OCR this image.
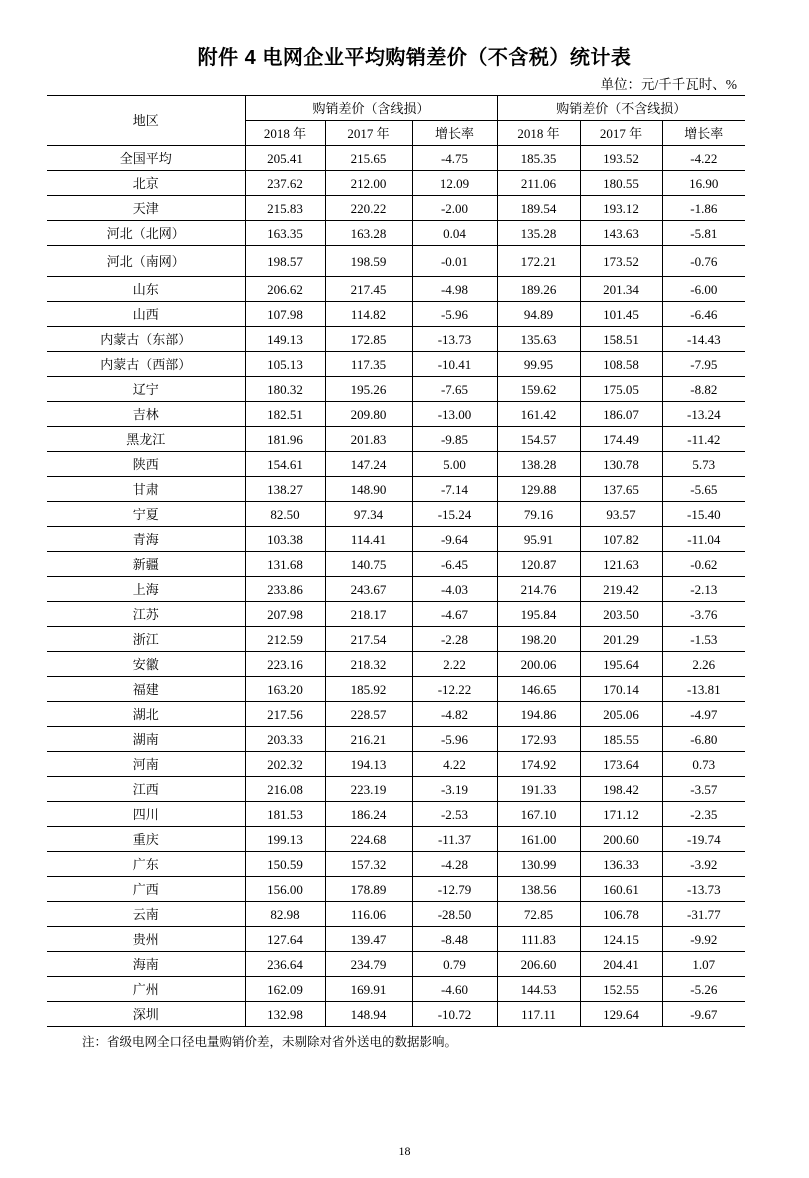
附件 4 电网企业平均购销差价（不含税）统计表
单位：元/千千瓦时、%
地区	购销差价（含线损）			购销差价（不含线损）		
	2018 年	2017 年	增长率	2018 年	2017 年	增长率
全国平均	205.41	215.65	-4.75	185.35	193.52	-4.22
北京	237.62	212.00	12.09	211.06	180.55	16.90
天津	215.83	220.22	-2.00	189.54	193.12	-1.86
河北（北网）	163.35	163.28	0.04	135.28	143.63	-5.81
河北（南网）	198.57	198.59	-0.01	172.21	173.52	-0.76
山东	206.62	217.45	-4.98	189.26	201.34	-6.00
山西	107.98	114.82	-5.96	94.89	101.45	-6.46
内蒙古（东部）	149.13	172.85	-13.73	135.63	158.51	-14.43
内蒙古（西部）	105.13	117.35	-10.41	99.95	108.58	-7.95
辽宁	180.32	195.26	-7.65	159.62	175.05	-8.82
吉林	182.51	209.80	-13.00	161.42	186.07	-13.24
黑龙江	181.96	201.83	-9.85	154.57	174.49	-11.42
陕西	154.61	147.24	5.00	138.28	130.78	5.73
甘肃	138.27	148.90	-7.14	129.88	137.65	-5.65
宁夏	82.50	97.34	-15.24	79.16	93.57	-15.40
青海	103.38	114.41	-9.64	95.91	107.82	-11.04
新疆	131.68	140.75	-6.45	120.87	121.63	-0.62
上海	233.86	243.67	-4.03	214.76	219.42	-2.13
江苏	207.98	218.17	-4.67	195.84	203.50	-3.76
浙江	212.59	217.54	-2.28	198.20	201.29	-1.53
安徽	223.16	218.32	2.22	200.06	195.64	2.26
福建	163.20	185.92	-12.22	146.65	170.14	-13.81
湖北	217.56	228.57	-4.82	194.86	205.06	-4.97
湖南	203.33	216.21	-5.96	172.93	185.55	-6.80
河南	202.32	194.13	4.22	174.92	173.64	0.73
江西	216.08	223.19	-3.19	191.33	198.42	-3.57
四川	181.53	186.24	-2.53	167.10	171.12	-2.35
重庆	199.13	224.68	-11.37	161.00	200.60	-19.74
广东	150.59	157.32	-4.28	130.99	136.33	-3.92
广西	156.00	178.89	-12.79	138.56	160.61	-13.73
云南	82.98	116.06	-28.50	72.85	106.78	-31.77
贵州	127.64	139.47	-8.48	111.83	124.15	-9.92
海南	236.64	234.79	0.79	206.60	204.41	1.07
广州	162.09	169.91	-4.60	144.53	152.55	-5.26
深圳	132.98	148.94	-10.72	117.11	129.64	-9.67
注：省级电网全口径电量购销价差，未剔除对省外送电的数据影响。
18
